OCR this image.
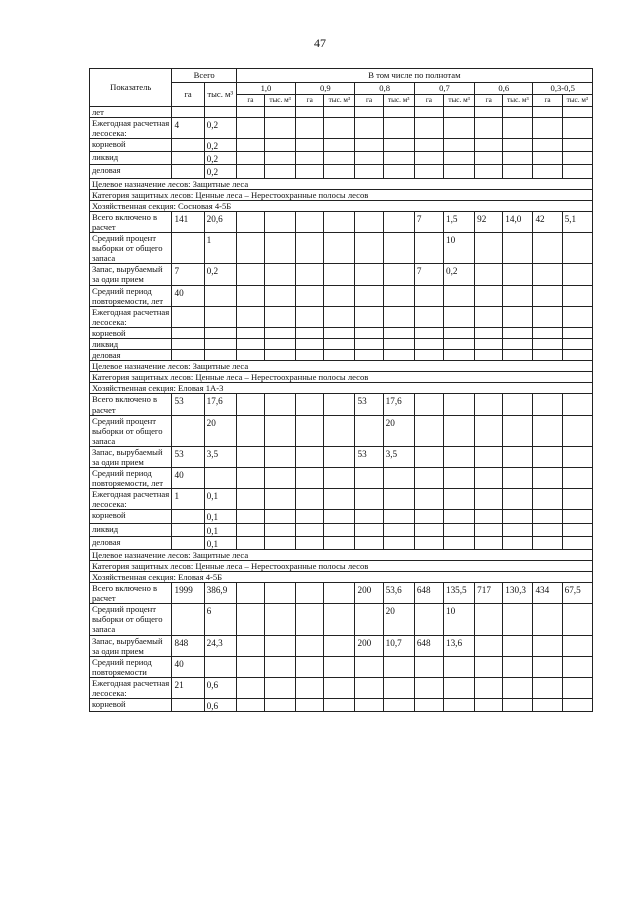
47
Показатель	Всего		В том числе по полнотам											
	га	тыс. м³	1,0		0,9		0,8		0,7		0,6		0,3-0,5	
			га	тыс. м³	га	тыс. м³	га	тыс. м³	га	тыс. м³	га	тыс. м³	га	тыс. м³
лет														
Ежегодная расчетная лесосека:	4	0,2												
корневой		0,2												
ликвид		0,2												
деловая		0,2												
Целевое назначение лесов: Защитные леса														
Категория защитных лесов: Ценные леса – Нерестоохранные полосы лесов														
Хозяйственная секция: Сосновая 4-5Б														
Всего включено в расчет	141	20,6							7	1,5	92	14,0	42	5,1
Средний процент выборки от общего запаса		1								10				
Запас, вырубаемый за один прием	7	0,2							7	0,2				
Средний период повторяемости, лет	40													
Ежегодная расчетная лесосека:														
корневой														
ликвид														
деловая														
Целевое назначение лесов: Защитные леса														
Категория защитных лесов: Ценные леса – Нерестоохранные полосы лесов														
Хозяйственная секция: Еловая 1А-3														
Всего включено в расчет	53	17,6					53	17,6						
Средний процент выборки от общего запаса		20						20						
Запас, вырубаемый за один прием	53	3,5					53	3,5						
Средний период повторяемости, лет	40													
Ежегодная расчетная лесосека:	1	0,1												
корневой		0,1												
ликвид		0,1												
деловая		0,1												
Целевое назначение лесов: Защитные леса														
Категория защитных лесов: Ценные леса – Нерестоохранные полосы лесов														
Хозяйственная секция: Еловая 4-5Б														
Всего включено в расчет	1999	386,9					200	53,6	648	135,5	717	130,3	434	67,5
Средний процент выборки от общего запаса		6						20		10				
Запас, вырубаемый за один прием	848	24,3					200	10,7	648	13,6				
Средний период повторяемости	40													
Ежегодная расчетная лесосека:	21	0,6												
корневой		0,6												
